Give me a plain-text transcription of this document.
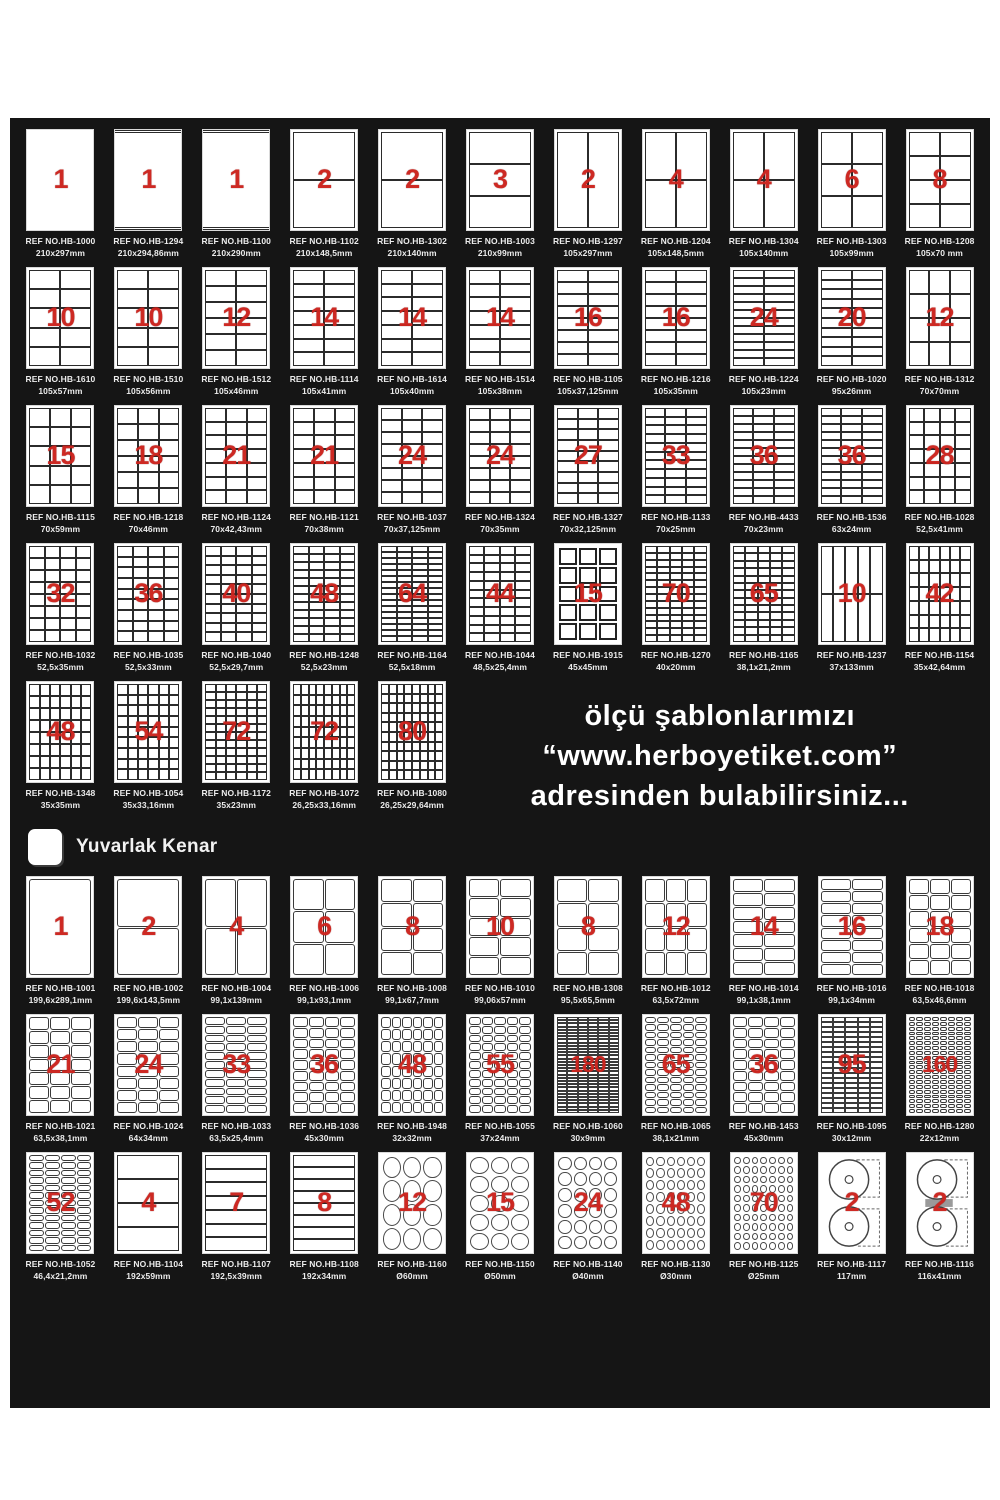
1
REF NO.HB-1000
210x297mm
1
REF NO.HB-1294
210x294,86mm
1
REF NO.HB-1100
210x290mm
2
REF NO.HB-1102
210x148,5mm
2
REF NO.HB-1302
210x140mm
3
REF NO.HB-1003
210x99mm
2
REF NO.HB-1297
105x297mm
4
REF NO.HB-1204
105x148,5mm
4
REF NO.HB-1304
105x140mm
6
REF NO.HB-1303
105x99mm
8
REF NO.HB-1208
105x70 mm
10
REF NO.HB-1610
105x57mm
10
REF NO.HB-1510
105x56mm
12
REF NO.HB-1512
105x46mm
14
REF NO.HB-1114
105x41mm
14
REF NO.HB-1614
105x40mm
14
REF NO.HB-1514
105x38mm
16
REF NO.HB-1105
105x37,125mm
16
REF NO.HB-1216
105x35mm
24
REF NO.HB-1224
105x23mm
20
REF NO.HB-1020
95x26mm
12
REF NO.HB-1312
70x70mm
15
REF NO.HB-1115
70x59mm
18
REF NO.HB-1218
70x46mm
21
REF NO.HB-1124
70x42,43mm
21
REF NO.HB-1121
70x38mm
24
REF NO.HB-1037
70x37,125mm
24
REF NO.HB-1324
70x35mm
27
REF NO.HB-1327
70x32,125mm
33
REF NO.HB-1133
70x25mm
36
REF NO.HB-4433
70x23mm
36
REF NO.HB-1536
63x24mm
28
REF NO.HB-1028
52,5x41mm
32
REF NO.HB-1032
52,5x35mm
36
REF NO.HB-1035
52,5x33mm
40
REF NO.HB-1040
52,5x29,7mm
48
REF NO.HB-1248
52,5x23mm
64
REF NO.HB-1164
52,5x18mm
44
REF NO.HB-1044
48,5x25,4mm
15
REF NO.HB-1915
45x45mm
70
REF NO.HB-1270
40x20mm
65
REF NO.HB-1165
38,1x21,2mm
10
REF NO.HB-1237
37x133mm
42
REF NO.HB-1154
35x42,64mm
ölçü şablonlarımızı
“www.herboyetiket.com”
adresinden bulabilirsiniz...
48
REF NO.HB-1348
35x35mm
54
REF NO.HB-1054
35x33,16mm
72
REF NO.HB-1172
35x23mm
72
REF NO.HB-1072
26,25x33,16mm
80
REF NO.HB-1080
26,25x29,64mm
Yuvarlak Kenar
1
REF NO.HB-1001
199,6x289,1mm
2
REF NO.HB-1002
199,6x143,5mm
4
REF NO.HB-1004
99,1x139mm
6
REF NO.HB-1006
99,1x93,1mm
8
REF NO.HB-1008
99,1x67,7mm
10
REF NO.HB-1010
99,06x57mm
8
REF NO.HB-1308
95,5x65,5mm
12
REF NO.HB-1012
63,5x72mm
14
REF NO.HB-1014
99,1x38,1mm
16
REF NO.HB-1016
99,1x34mm
18
REF NO.HB-1018
63,5x46,6mm
21
REF NO.HB-1021
63,5x38,1mm
24
REF NO.HB-1024
64x34mm
33
REF NO.HB-1033
63,5x25,4mm
36
REF NO.HB-1036
45x30mm
48
REF NO.HB-1948
32x32mm
55
REF NO.HB-1055
37x24mm
180
REF NO.HB-1060
30x9mm
65
REF NO.HB-1065
38,1x21mm
36
REF NO.HB-1453
45x30mm
95
REF NO.HB-1095
30x12mm
160
REF NO.HB-1280
22x12mm
52
REF NO.HB-1052
46,4x21,2mm
4
REF NO.HB-1104
192x59mm
7
REF NO.HB-1107
192,5x39mm
8
REF NO.HB-1108
192x34mm
12
REF NO.HB-1160
Ø60mm
15
REF NO.HB-1150
Ø50mm
24
REF NO.HB-1140
Ø40mm
48
REF NO.HB-1130
Ø30mm
70
REF NO.HB-1125
Ø25mm
2
REF NO.HB-1117
117mm
2
REF NO.HB-1116
116x41mm
